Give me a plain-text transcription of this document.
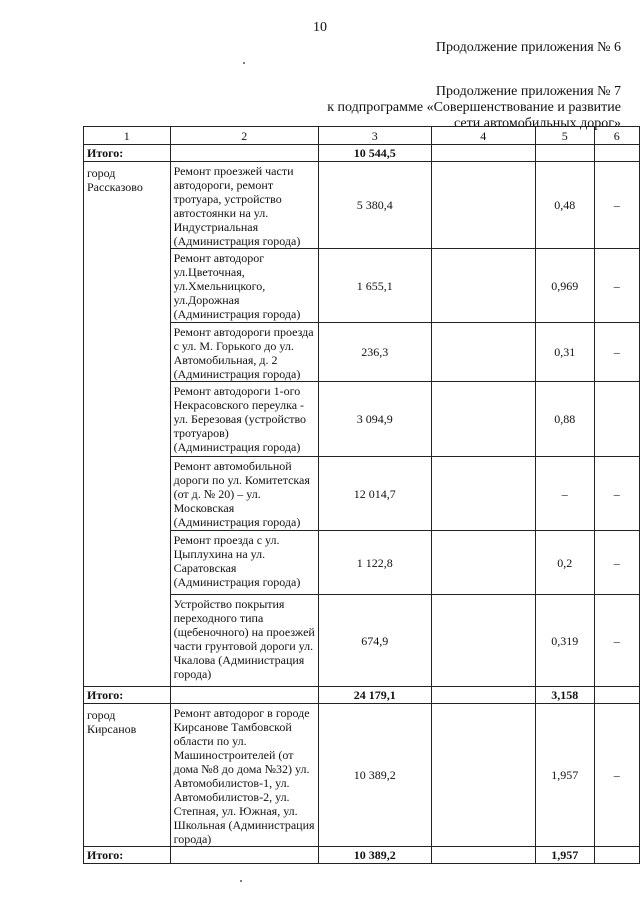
10
Продолжение приложения № 6
Продолжение приложения № 7
к подпрограмме «Совершенствование и развитие
сети автомобильных дорог»
1	2	3	4	5	6
Итого:		10 544,5			
город Рассказово	Ремонт проезжей части автодороги, ремонт тротуара, устройство автостоянки на ул. Индустриальная (Администрация города)	5 380,4		0,48	–
	Ремонт автодорог ул.Цветочная, ул.Хмельницкого, ул.Дорожная (Администрация города)	1 655,1		0,969	–
	Ремонт автодороги проезда с ул. М. Горького до ул. Автомобильная, д. 2 (Администрация города)	236,3		0,31	–
	Ремонт автодороги 1-ого Некрасовского переулка - ул. Березовая (устройство тротуаров) (Администрация города)	3 094,9		0,88	
	Ремонт автомобильной дороги по ул. Комитетская (от д. № 20) – ул. Московская (Администрация города)	12 014,7		–	–
	Ремонт проезда с ул. Цыплухина на ул. Саратовская (Администрация города)	1 122,8		0,2	–
	Устройство покрытия переходного типа (щебеночного) на проезжей части грунтовой дороги ул. Чкалова (Администрация города)	674,9		0,319	–
Итого:		24 179,1		3,158	
город Кирсанов	Ремонт автодорог в городе Кирсанове Тамбовской области по ул. Машиностроителей (от дома №8 до дома №32) ул. Автомобилистов-1, ул. Автомобилистов-2, ул. Степная, ул. Южная, ул. Школьная (Администрация города)	10 389,2		1,957	–
Итого:		10 389,2		1,957	
